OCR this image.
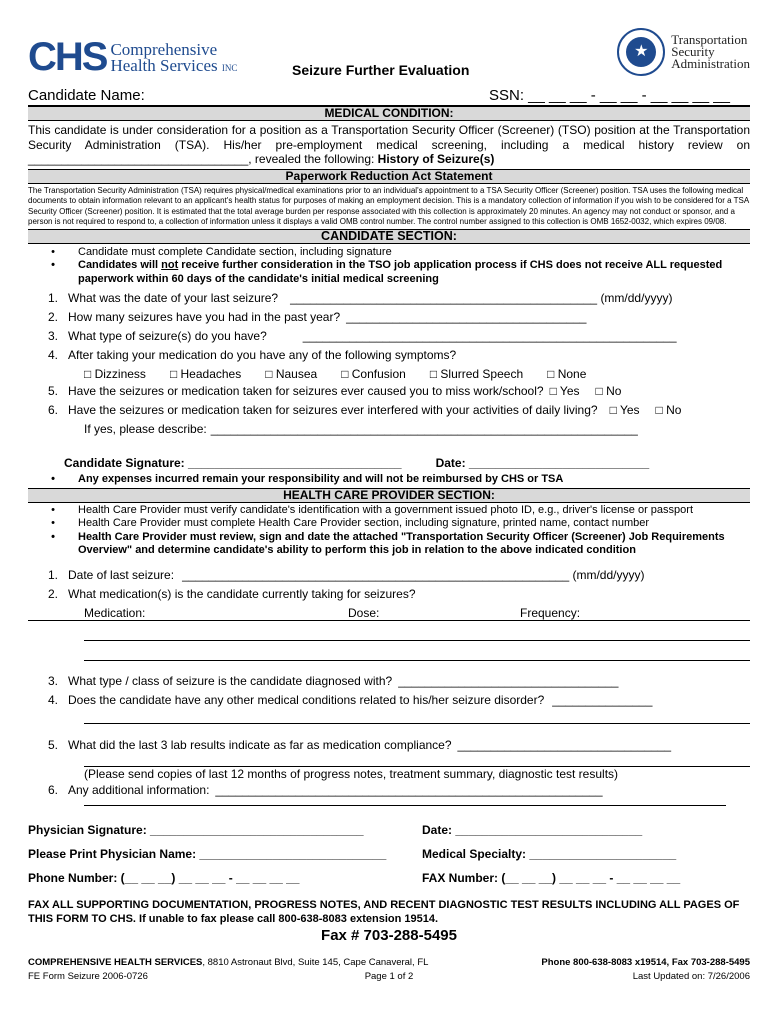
CHS Comprehensive
Health Services INC	Seizure Further Evaluation
★
Transportation
Security
Administration
Candidate Name:	SSN: __ __ __ - __ __ - __ __ __ __
MEDICAL CONDITION:
This candidate is under consideration for a position as a Transportation Security Officer (Screener) (TSO) position at the Transportation Security Administration (TSA). His/her pre-employment medical screening, including a medical history review on _________________________________, revealed the following: History of Seizure(s)
Paperwork Reduction Act Statement
The Transportation Security Administration (TSA) requires physical/medical examinations prior to an individual's appointment to a TSA Security Officer (Screener) position. TSA uses the following medical documents to obtain information relevant to an applicant's health status for purposes of making an employment decision. This is a mandatory collection of information if you wish to be considered for a TSA Security Officer (Screener) position. It is estimated that the total average burden per response associated with this collection is approximately 20 minutes. An agency may not conduct or sponsor, and a person is not required to respond to, a collection of information unless it displays a valid OMB control number. The control number assigned to this collection is OMB 1652-0032, which expires 09/08.
CANDIDATE SECTION:
•	Candidate must complete Candidate section, including signature
•	Candidates will not receive further consideration in the TSO job application process if CHS does not receive ALL requested paperwork within 60 days of the candidate's initial medical screening
1. What was the date of your last seizure? ______________________________________________ (mm/dd/yyyy)
2. How many seizures have you had in the past year? ____________________________________
3. What type of seizure(s) do you have?	________________________________________________________
4. After taking your medication do you have any of the following symptoms?
□ Dizziness □ Headaches □ Nausea □ Confusion □ Slurred Speech □ None
5. Have the seizures or medication taken for seizures ever caused you to miss work/school? □ Yes □ No
6. Have the seizures or medication taken for seizures ever interfered with your activities of daily living? □ Yes □ No
If yes, please describe: ________________________________________________________________
Candidate Signature: ________________________________	Date: ___________________________
•	Any expenses incurred remain your responsibility and will not be reimbursed by CHS or TSA
HEALTH CARE PROVIDER SECTION:
•	Health Care Provider must verify candidate's identification with a government issued photo ID, e.g., driver's license or passport
•	Health Care Provider must complete Health Care Provider section, including signature, printed name, contact number
•	Health Care Provider must review, sign and date the attached "Transportation Security Officer (Screener) Job Requirements Overview" and determine candidate's ability to perform this job in relation to the above indicated condition
1. Date of last seizure: __________________________________________________________ (mm/dd/yyyy)
2. What medication(s) is the candidate currently taking for seizures?
Medication:	Dose:	Frequency:
3. What type / class of seizure is the candidate diagnosed with? _________________________________
4. Does the candidate have any other medical conditions related to his/her seizure disorder? _______________
5. What did the last 3 lab results indicate as far as medication compliance? ________________________________
(Please send copies of last 12 months of progress notes, treatment summary, diagnostic test results)
6. Any additional information: __________________________________________________________
Physician Signature: ________________________________	Date: ____________________________
Please Print Physician Name: ____________________________	Medical Specialty: ______________________
Phone Number: (__ __ __) __ __ __ - __ __ __ __	FAX Number: (__ __ __) __ __ __ - __ __ __ __
FAX ALL SUPPORTING DOCUMENTATION, PROGRESS NOTES, AND RECENT DIAGNOSTIC TEST RESULTS INCLUDING ALL PAGES OF THIS FORM TO CHS. If unable to fax please call 800-638-8083 extension 19514.
Fax # 703-288-5495
COMPREHENSIVE HEALTH SERVICES, 8810 Astronaut Blvd, Suite 145, Cape Canaveral, FL	Phone 800-638-8083 x19514, Fax 703-288-5495
FE Form Seizure 2006-0726	Page 1 of 2	Last Updated on: 7/26/2006
